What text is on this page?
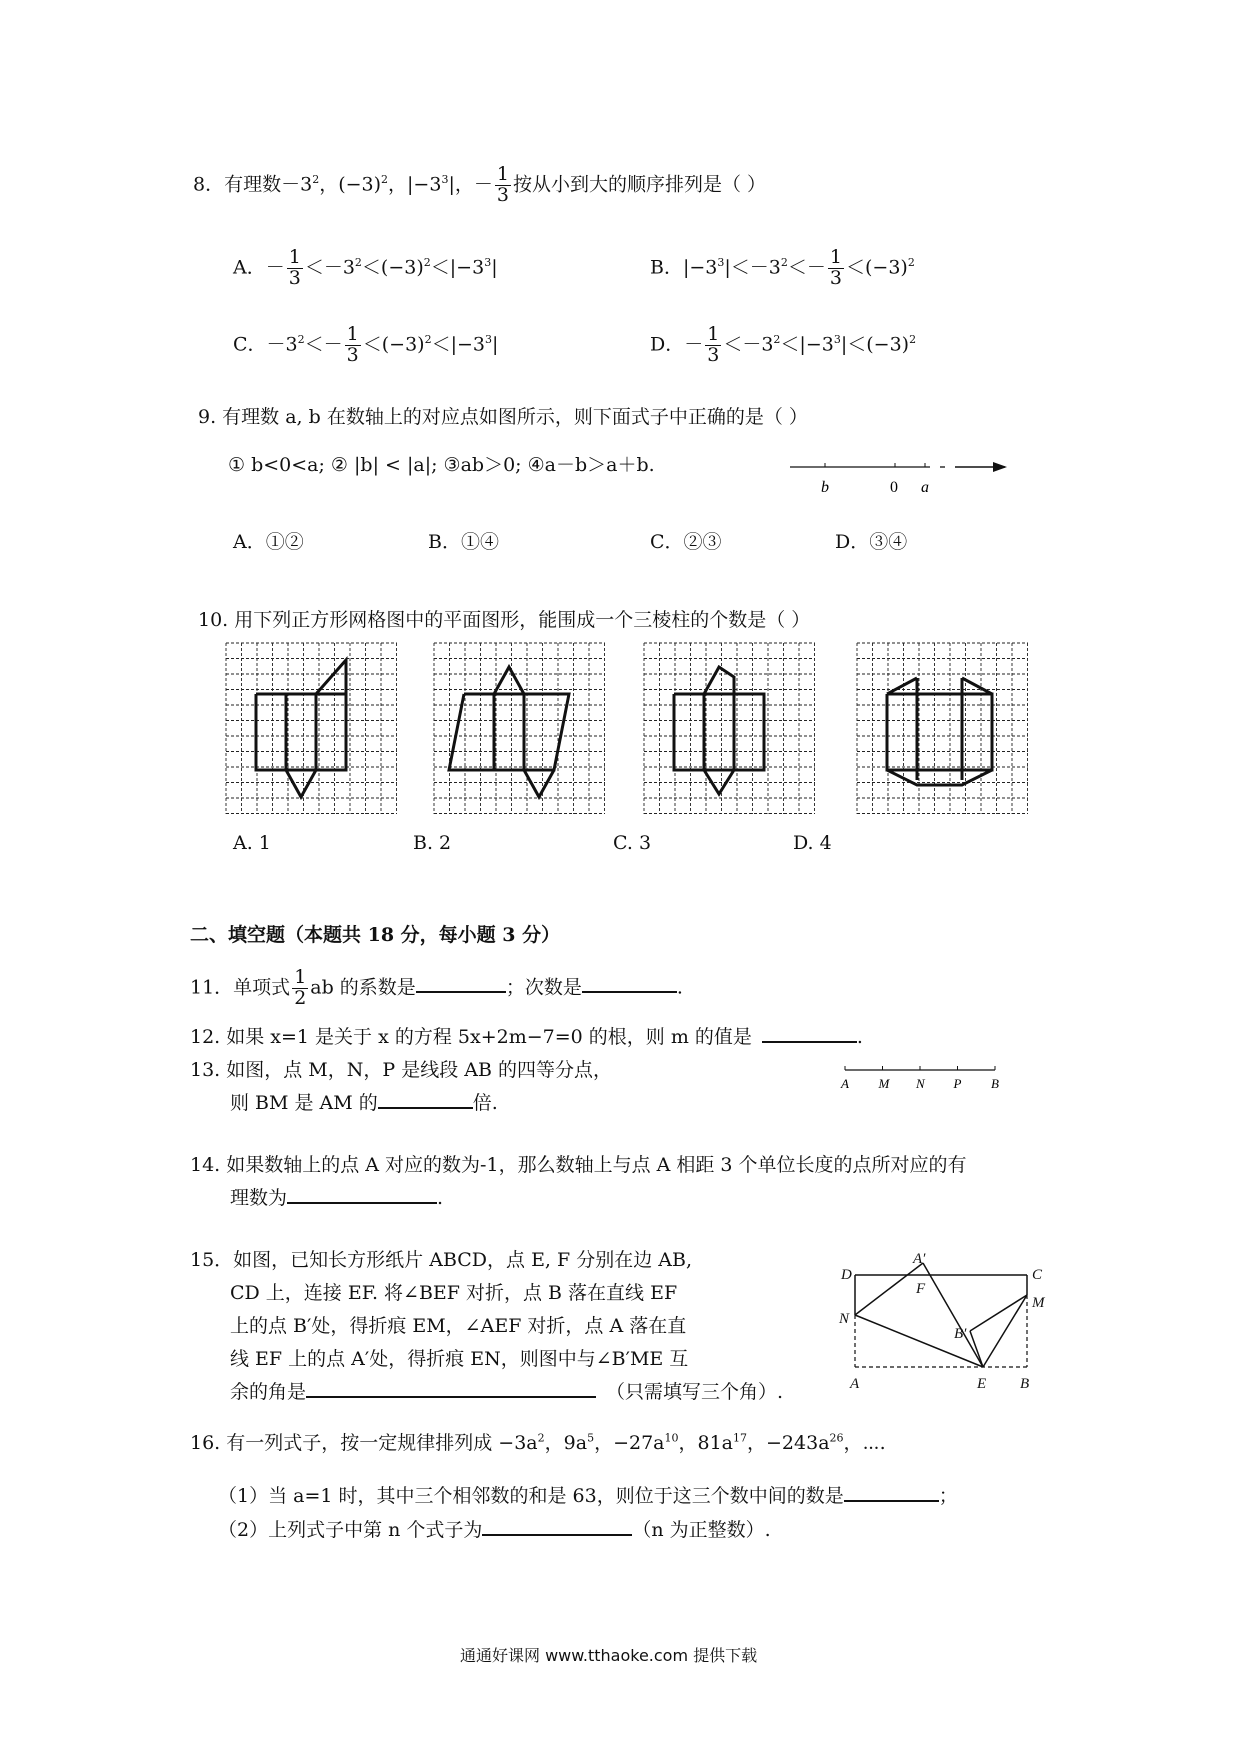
8．有理数$-3^2$，$(-3)^2$，$|-3^3|$，－ $\frac{1}{3}$ 按从小到大的顺序排列是（ ）
A．－ $\frac{1}{3} <-3^2<(-3)^2<|-3^3|$	B．$|-3^3|<-3^2<- \frac{1}{3} <(-3)^2$
C．$-3^2<- \frac{1}{3} <(-3)^2<|-3^3|$	D．－ $\frac{1}{3} <-3^2<|-3^3|<(-3)^2$
9. 有理数 a, b 在数轴上的对应点如图所示，则下面式子中正确的是（ ）
① b<0<a; ② |b| < |a|; ③ab＞0; ④a－b＞a＋b.
b	0 a
A．①②	B．①④	C．②③	D．③④
10. 用下列正方形网格图中的平面图形，能围成一个三棱柱的个数是（ ）
A. 1	B. 2	C. 3	D. 4
二、填空题（本题共 18 分，每小题 3 分）
11．单项式 $\frac{1}{2}$ ab 的系数是	；次数是	.
12. 如果 x=1 是关于 x 的方程 5x+2m−7=0 的根，则 m 的值是	.
13. 如图，点 M，N，P 是线段 AB 的四等分点，
则 BM 是 AM 的	倍.
A M N P B
14. 如果数轴上的点 A 对应的数为-1，那么数轴上与点 A 相距 3 个单位长度的点所对应的有
理数为	.
15．如图，已知长方形纸片 ABCD，点 E, F 分别在边 AB,
CD 上，连接 EF. 将∠BEF 对折，点 B 落在直线 EF
上的点 B′处，得折痕 EM，∠AEF 对折，点 A 落在直
线 EF 上的点 A′处，得折痕 EN，则图中与∠B′ME 互
余的角是	（只需填写三个角）.
D
A′
C
F
N
M
B′
A	E B
16. 有一列式子，按一定规律排列成 $-3a^2$，$9a^5$，$-27a^{10}$，$81a^{17}$，$-243a^{26}$，⋯.
（1）当 a=1 时，其中三个相邻数的和是 63，则位于这三个数中间的数是	；
（2）上列式子中第 n 个式子为	（n 为正整数）.
通通好课网 www.tthaoke.com 提供下载
